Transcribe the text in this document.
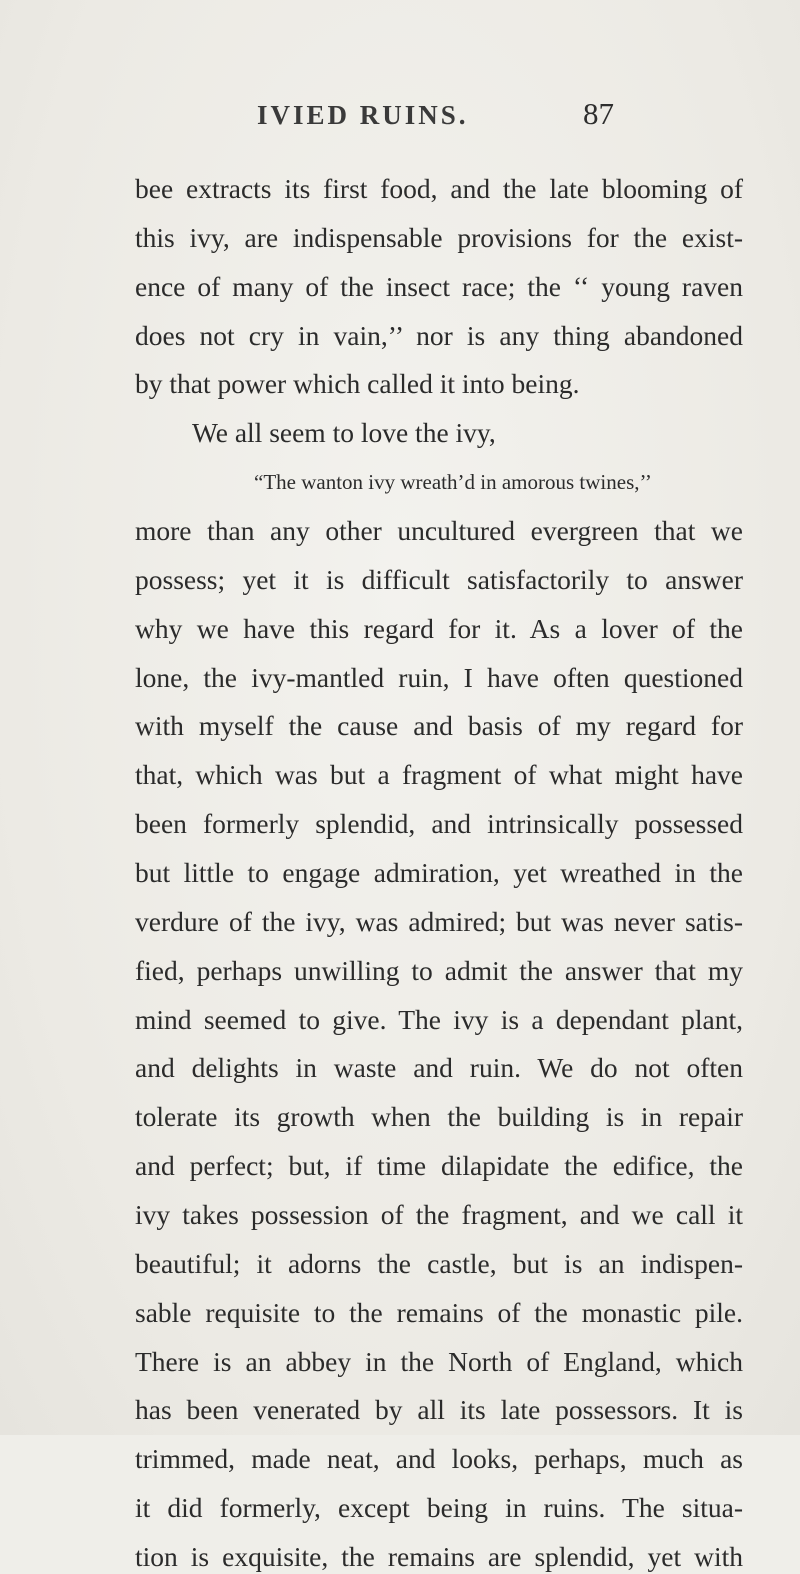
IVIED RUINS.	87
bee extracts its first food, and the late blooming of
this ivy, are indispensable provisions for the exist-
ence of many of the insect race; the ‘‘ young raven
does not cry in vain,’’ nor is any thing abandoned
by that power which called it into being.
We all seem to love the ivy,
“The wanton ivy wreath’d in amorous twines,’’
more than any other uncultured evergreen that we
possess; yet it is difficult satisfactorily to answer
why we have this regard for it. As a lover of the
lone, the ivy-mantled ruin, I have often questioned
with myself the cause and basis of my regard for
that, which was but a fragment of what might have
been formerly splendid, and intrinsically possessed
but little to engage admiration, yet wreathed in the
verdure of the ivy, was admired; but was never satis-
fied, perhaps unwilling to admit the answer that my
mind seemed to give. The ivy is a dependant plant,
and delights in waste and ruin. We do not often
tolerate its growth when the building is in repair
and perfect; but, if time dilapidate the edifice, the
ivy takes possession of the fragment, and we call it
beautiful; it adorns the castle, but is an indispen-
sable requisite to the remains of the monastic pile.
There is an abbey in the North of England, which
has been venerated by all its late possessors. It is
trimmed, made neat, and looks, perhaps, much as
it did formerly, except being in ruins. The situa-
tion is exquisite, the remains are splendid, yet with
